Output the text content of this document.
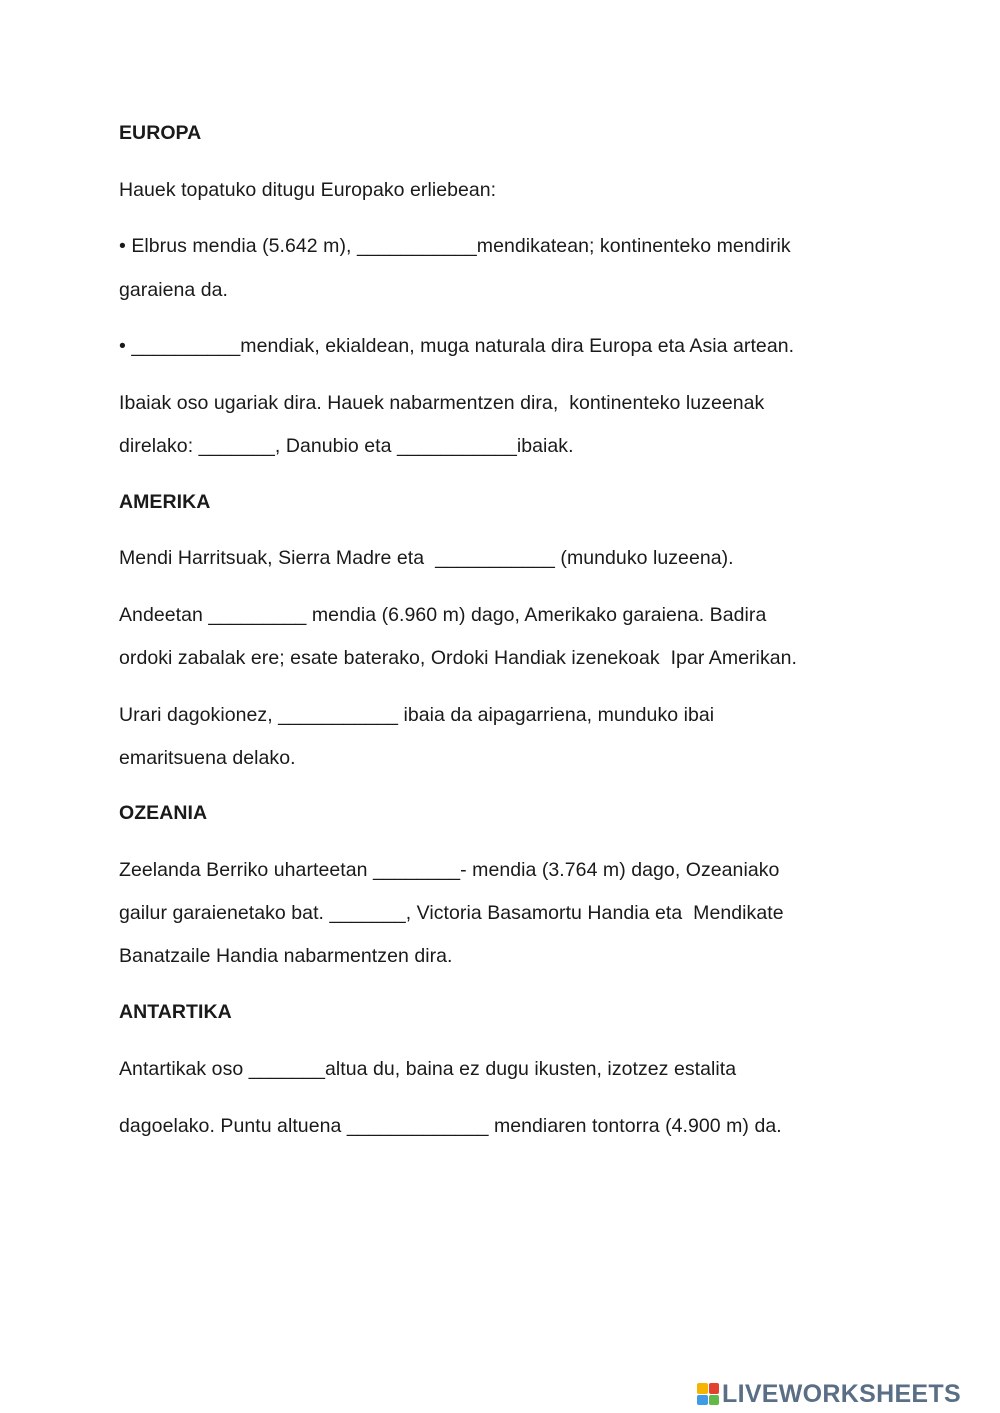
EUROPA
Hauek topatuko ditugu Europako erliebean:
• Elbrus mendia (5.642 m), ___________mendikatean; kontinenteko mendirik
garaiena da.
• __________mendiak, ekialdean, muga naturala dira Europa eta Asia artean.
Ibaiak oso ugariak dira. Hauek nabarmentzen dira,  kontinenteko luzeenak
direlako: _______, Danubio eta ___________ibaiak.
AMERIKA
Mendi Harritsuak, Sierra Madre eta  ___________ (munduko luzeena).
Andeetan _________ mendia (6.960 m) dago, Amerikako garaiena. Badira
ordoki zabalak ere; esate baterako, Ordoki Handiak izenekoak  Ipar Amerikan.
Urari dagokionez, ___________ ibaia da aipagarriena, munduko ibai
emaritsuena delako.
OZEANIA
Zeelanda Berriko uharteetan ________- mendia (3.764 m) dago, Ozeaniako
gailur garaienetako bat. _______, Victoria Basamortu Handia eta  Mendikate
Banatzaile Handia nabarmentzen dira.
ANTARTIKA
Antartikak oso _______altua du, baina ez dugu ikusten, izotzez estalita
dagoelako. Puntu altuena _____________ mendiaren tontorra (4.900 m) da.
LIVEWORKSHEETS
